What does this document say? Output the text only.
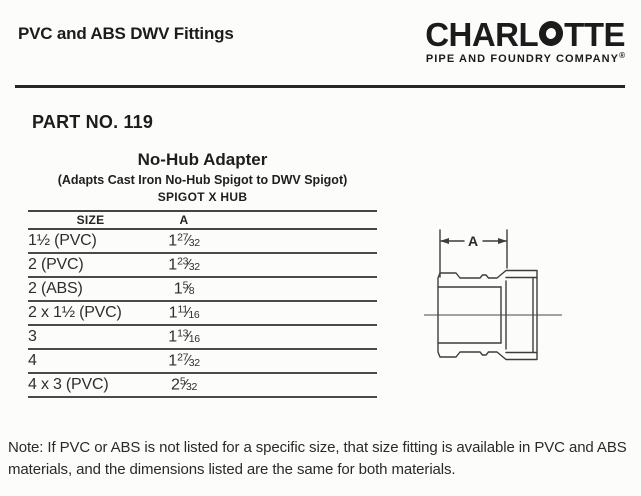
PVC and ABS DWV Fittings	CHARL TTE
PIPE AND FOUNDRY COMPANY®
PART NO. 119
No-Hub Adapter
(Adapts Cast Iron No-Hub Spigot to DWV Spigot)
SPIGOT X HUB
SIZE	A	
1½ (PVC)	$1^{27}⁄32$	
2 (PVC)	$1^{23}⁄32$	
2 (ABS)	$1^5⁄8$	
2 x 1½ (PVC)	$1^{11}⁄16$	
3	$1^{13}⁄16$	
4	$1^{27}⁄32$	
4 x 3 (PVC)	$2^5⁄32$	
A
Note: If PVC or ABS is not listed for a specific size, that size fitting is available in PVC and ABS materials, and the dimensions listed are the same for both materials.
